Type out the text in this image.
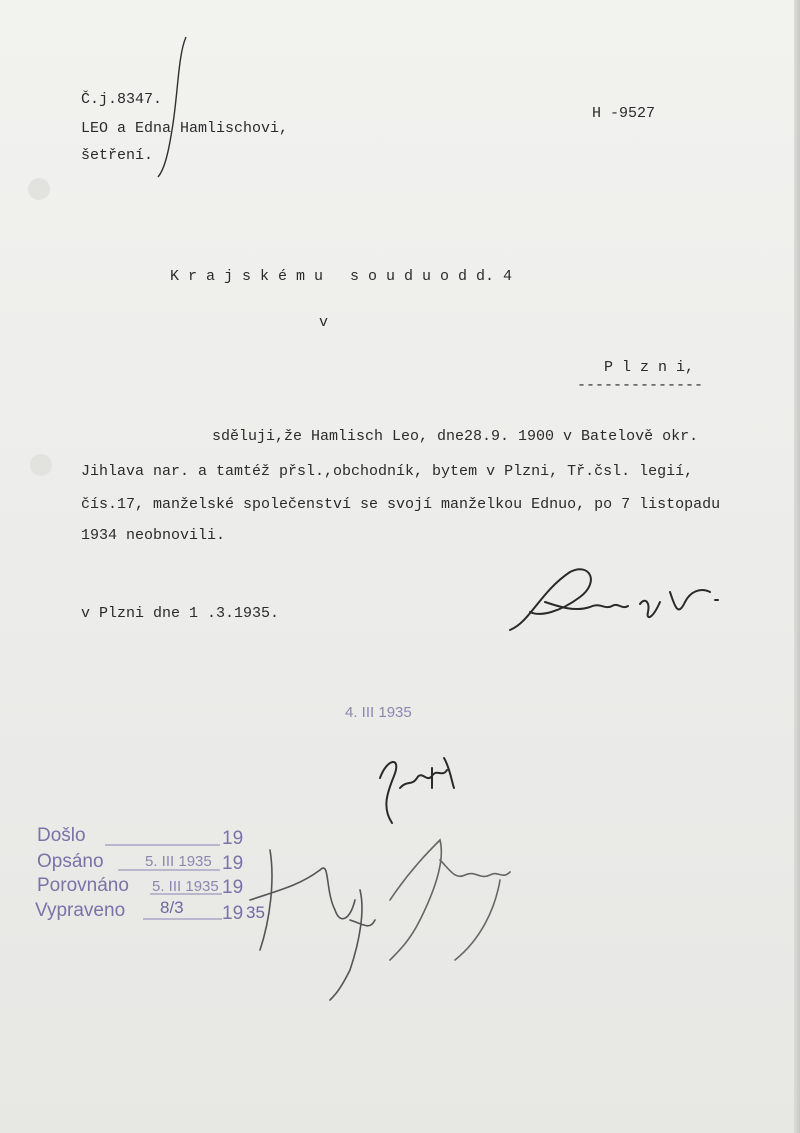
Č.j.8347.

LEO a Edna Hamlischovi,

šetření.

H -9527

K r a j s k é m u   s o u d u o d d. 4

v

P l z n i,

--------------

sděluji,že Hamlisch Leo, dne28.9. 1900 v Batelově okr.

Jihlava nar. a tamtéž přsl.,obchodník, bytem v Plzni, Tř.čsl. legií,

čís.17, manželské společenství se svojí manželkou Ednuo, po 7 listopadu

1934 neobnovili.

v Plzni dne 1 .3.1935.

4. III 1935

Došlo

Opsáno

Porovnáno

Vypraveno

19

19

19

19

5. III 1935

5. III 1935

8/3	35
